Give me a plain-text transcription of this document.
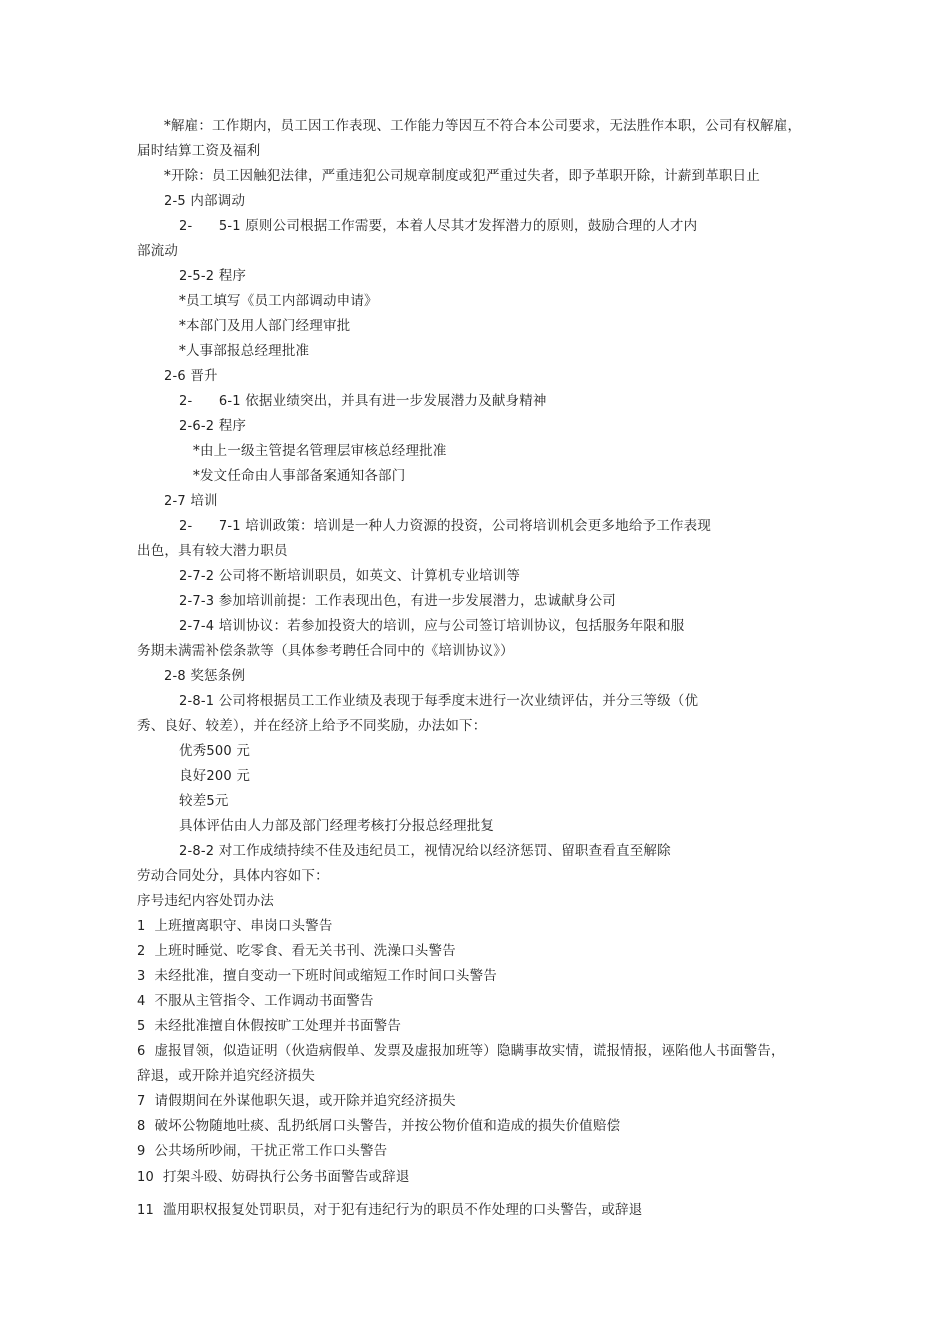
*解雇：工作期内，员工因工作表现、工作能力等因互不符合本公司要求，无法胜作本职，公司有权解雇，
届时结算工资及福利
*开除：员工因触犯法律，严重违犯公司规章制度或犯严重过失者，即予革职开除，计薪到革职日止
2-5 内部调动
2- 5-1 原则公司根据工作需要，本着人尽其才发挥潜力的原则，鼓励合理的人才内
部流动
2-5-2 程序
*员工填写《员工内部调动申请》
*本部门及用人部门经理审批
*人事部报总经理批准
2-6 晋升
2- 6-1 依据业绩突出，并具有进一步发展潜力及献身精神
2-6-2 程序
*由上一级主管提名管理层审核总经理批准
*发文任命由人事部备案通知各部门
2-7 培训
2- 7-1 培训政策：培训是一种人力资源的投资，公司将培训机会更多地给予工作表现
出色，具有较大潜力职员
2-7-2 公司将不断培训职员，如英文、计算机专业培训等
2-7-3 参加培训前提：工作表现出色，有进一步发展潜力，忠诚献身公司
2-7-4 培训协议：若参加投资大的培训，应与公司签订培训协议，包括服务年限和服
务期未满需补偿条款等（具体参考聘任合同中的《培训协议》）
2-8 奖惩条例
2-8-1 公司将根据员工工作业绩及表现于每季度末进行一次业绩评估，并分三等级（优
秀、良好、较差），并在经济上给予不同奖励，办法如下：
优秀500 元
良好200 元
较差5元
具体评估由人力部及部门经理考核打分报总经理批复
2-8-2 对工作成绩持续不佳及违纪员工，视情况给以经济惩罚、留职查看直至解除
劳动合同处分，具体内容如下：
序号违纪内容处罚办法
1 上班擅离职守、串岗口头警告
2 上班时睡觉、吃零食、看无关书刊、洗澡口头警告
3 未经批准，擅自变动一下班时间或缩短工作时间口头警告
4 不服从主管指令、工作调动书面警告
5 未经批准擅自休假按旷工处理并书面警告
6 虚报冒领，似造证明（伙造病假单、发票及虚报加班等）隐瞒事故实情，谎报情报，诬陷他人书面警告，
辞退，或开除并追究经济损失
7 请假期间在外谋他职矢退，或开除并追究经济损失
8 破坏公物随地吐痰、乱扔纸屑口头警告，并按公物价值和造成的损失价值赔偿
9 公共场所吵闹，干扰正常工作口头警告
10 打架斗殴、妨碍执行公务书面警告或辞退
11 滥用职权报复处罚职员，对于犯有违纪行为的职员不作处理的口头警告，或辞退
